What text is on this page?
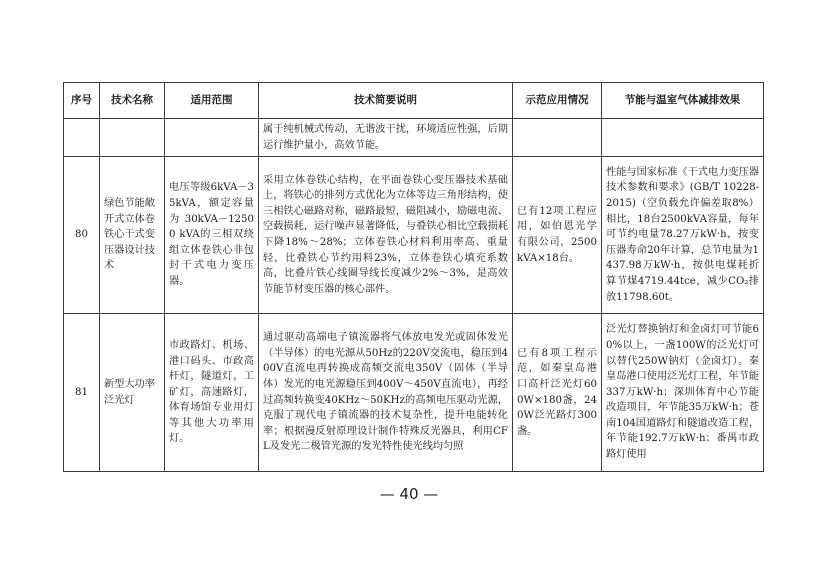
序号	技术名称	适用范围	技术简要说明	示范应用情况	节能与温室气体减排效果
			属于纯机械式传动，无谐波干扰，环境适应性强，后期运行维护量小，高效节能。		
80	绿色节能敞开式立体卷铁心干式变压器设计技术	电压等级6kVA－35kVA，额定容量为30kVA－12500 kVA的三相双绕组立体卷铁心非包封干式电力变压器。	采用立体卷铁心结构，在平面卷铁心变压器技术基础上，将铁心的排列方式优化为立体等边三角形结构，使三相铁心磁路对称，磁路最短，磁阻减小，励磁电流、空载损耗，运行噪声显著降低，与叠铁心相比空载损耗下降18%～28%；立体卷铁心材料利用率高、重量轻，比叠铁心节约用料23%，立体卷铁心填充系数高，比叠片铁心线圈导线长度减少2%～3%，是高效节能节材变压器的核心部件。	已有12项工程应用，如伯恩光学有限公司，2500kVA×18台。	性能与国家标准《干式电力变压器技术参数和要求》(GB/T 10228-2015)（空负载允许偏差取8%）相比，18台2500kVA容量，每年可节约电量78.27万kW·h，按变压器寿命20年计算，总节电量为1437.98万kW·h，按供电煤耗折算节煤4719.44tce，减少CO₂排放11798.60t。
81	新型大功率泛光灯	市政路灯、机场、港口码头、市政高杆灯，隧道灯，工矿灯，高速路灯，体育场馆专业用灯等其他大功率用灯。	通过驱动高端电子镇流器将气体放电发光或固体发光（半导体）的电光源从50Hz的220V交流电，稳压到400V直流电再转换成高频交流电350V（固体（半导体）发光的电光源稳压到400V～450V直流电），再经过高频转换变40KHz～50KHz的高频电压驱动光源，克服了现代电子镇流器的技术复杂性，提升电能转化率；根据漫反射原理设计制作特殊反光器具，利用CFL及发光二极管光源的发光特性使光线均匀照	已有8项工程示范，如秦皇岛港口高杆泛光灯600W×180盏，240W泛光路灯300盏。	泛光灯替换钠灯和金卤灯可节能60%以上，一盏100W的泛光灯可以替代250W钠灯（金卤灯）。秦皇岛港口使用泛光灯工程，年节能337万kW·h；深圳体育中心节能改造项目，年节能35万kW·h；苍南104国道路灯和隧道改造工程，年节能192.7万kW·h；番禺市政路灯使用
— 40 —
